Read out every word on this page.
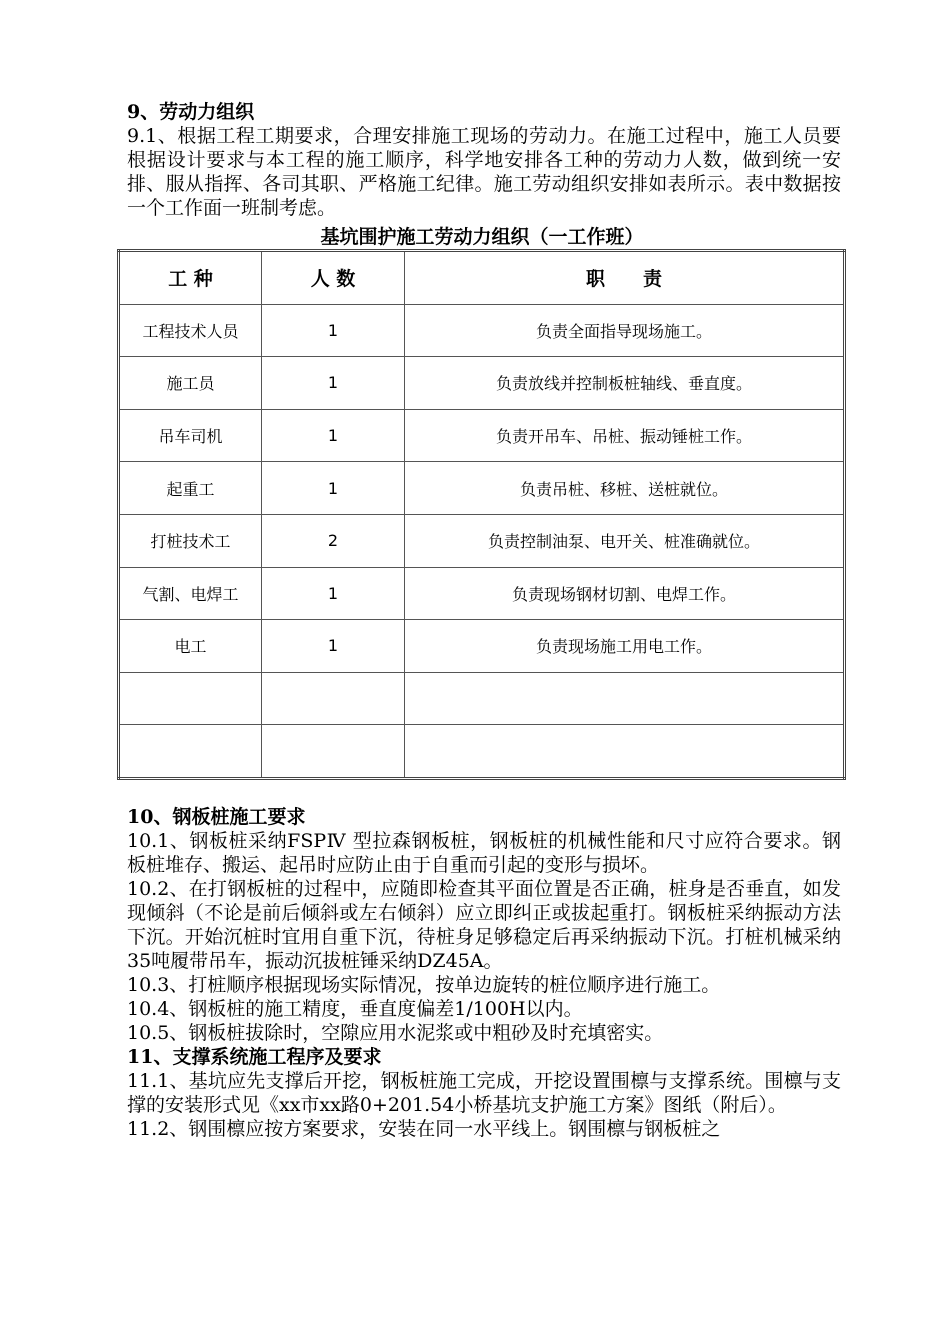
9、劳动力组织

9.1、根据工程工期要求，合理安排施工现场的劳动力。在施工过程中，施工人员要根据设计要求与本工程的施工顺序，科学地安排各工种的劳动力人数，做到统一安排、服从指挥、各司其职、严格施工纪律。施工劳动组织安排如表所示。表中数据按一个工作面一班制考虑。

基坑围护施工劳动力组织（一工作班）
工 种	人 数	职　　责
工程技术人员	1	负责全面指导现场施工。
施工员	1	负责放线并控制板桩轴线、垂直度。
吊车司机	1	负责开吊车、吊桩、振动锤桩工作。
起重工	1	负责吊桩、移桩、送桩就位。
打桩技术工	2	负责控制油泵、电开关、桩准确就位。
气割、电焊工	1	负责现场钢材切割、电焊工作。
电工	1	负责现场施工用电工作。

10、钢板桩施工要求

10.1、钢板桩采纳FSPⅣ 型拉森钢板桩，钢板桩的机械性能和尺寸应符合要求。钢板桩堆存、搬运、起吊时应防止由于自重而引起的变形与损坏。

10.2、在打钢板桩的过程中，应随即检查其平面位置是否正确，桩身是否垂直，如发现倾斜（不论是前后倾斜或左右倾斜）应立即纠正或拔起重打。钢板桩采纳振动方法下沉。开始沉桩时宜用自重下沉，待桩身足够稳定后再采纳振动下沉。打桩机械采纳35吨履带吊车，振动沉拔桩锤采纳DZ45A。

10.3、打桩顺序根据现场实际情况，按单边旋转的桩位顺序进行施工。

10.4、钢板桩的施工精度，垂直度偏差1/100H以内。

10.5、钢板桩拔除时，空隙应用水泥浆或中粗砂及时充填密实。

11、支撑系统施工程序及要求

11.1、基坑应先支撑后开挖，钢板桩施工完成，开挖设置围檩与支撑系统。围檩与支撑的安装形式见《xx市xx路0+201.54小桥基坑支护施工方案》图纸（附后）。

11.2、钢围檩应按方案要求，安装在同一水平线上。钢围檩与钢板桩之
